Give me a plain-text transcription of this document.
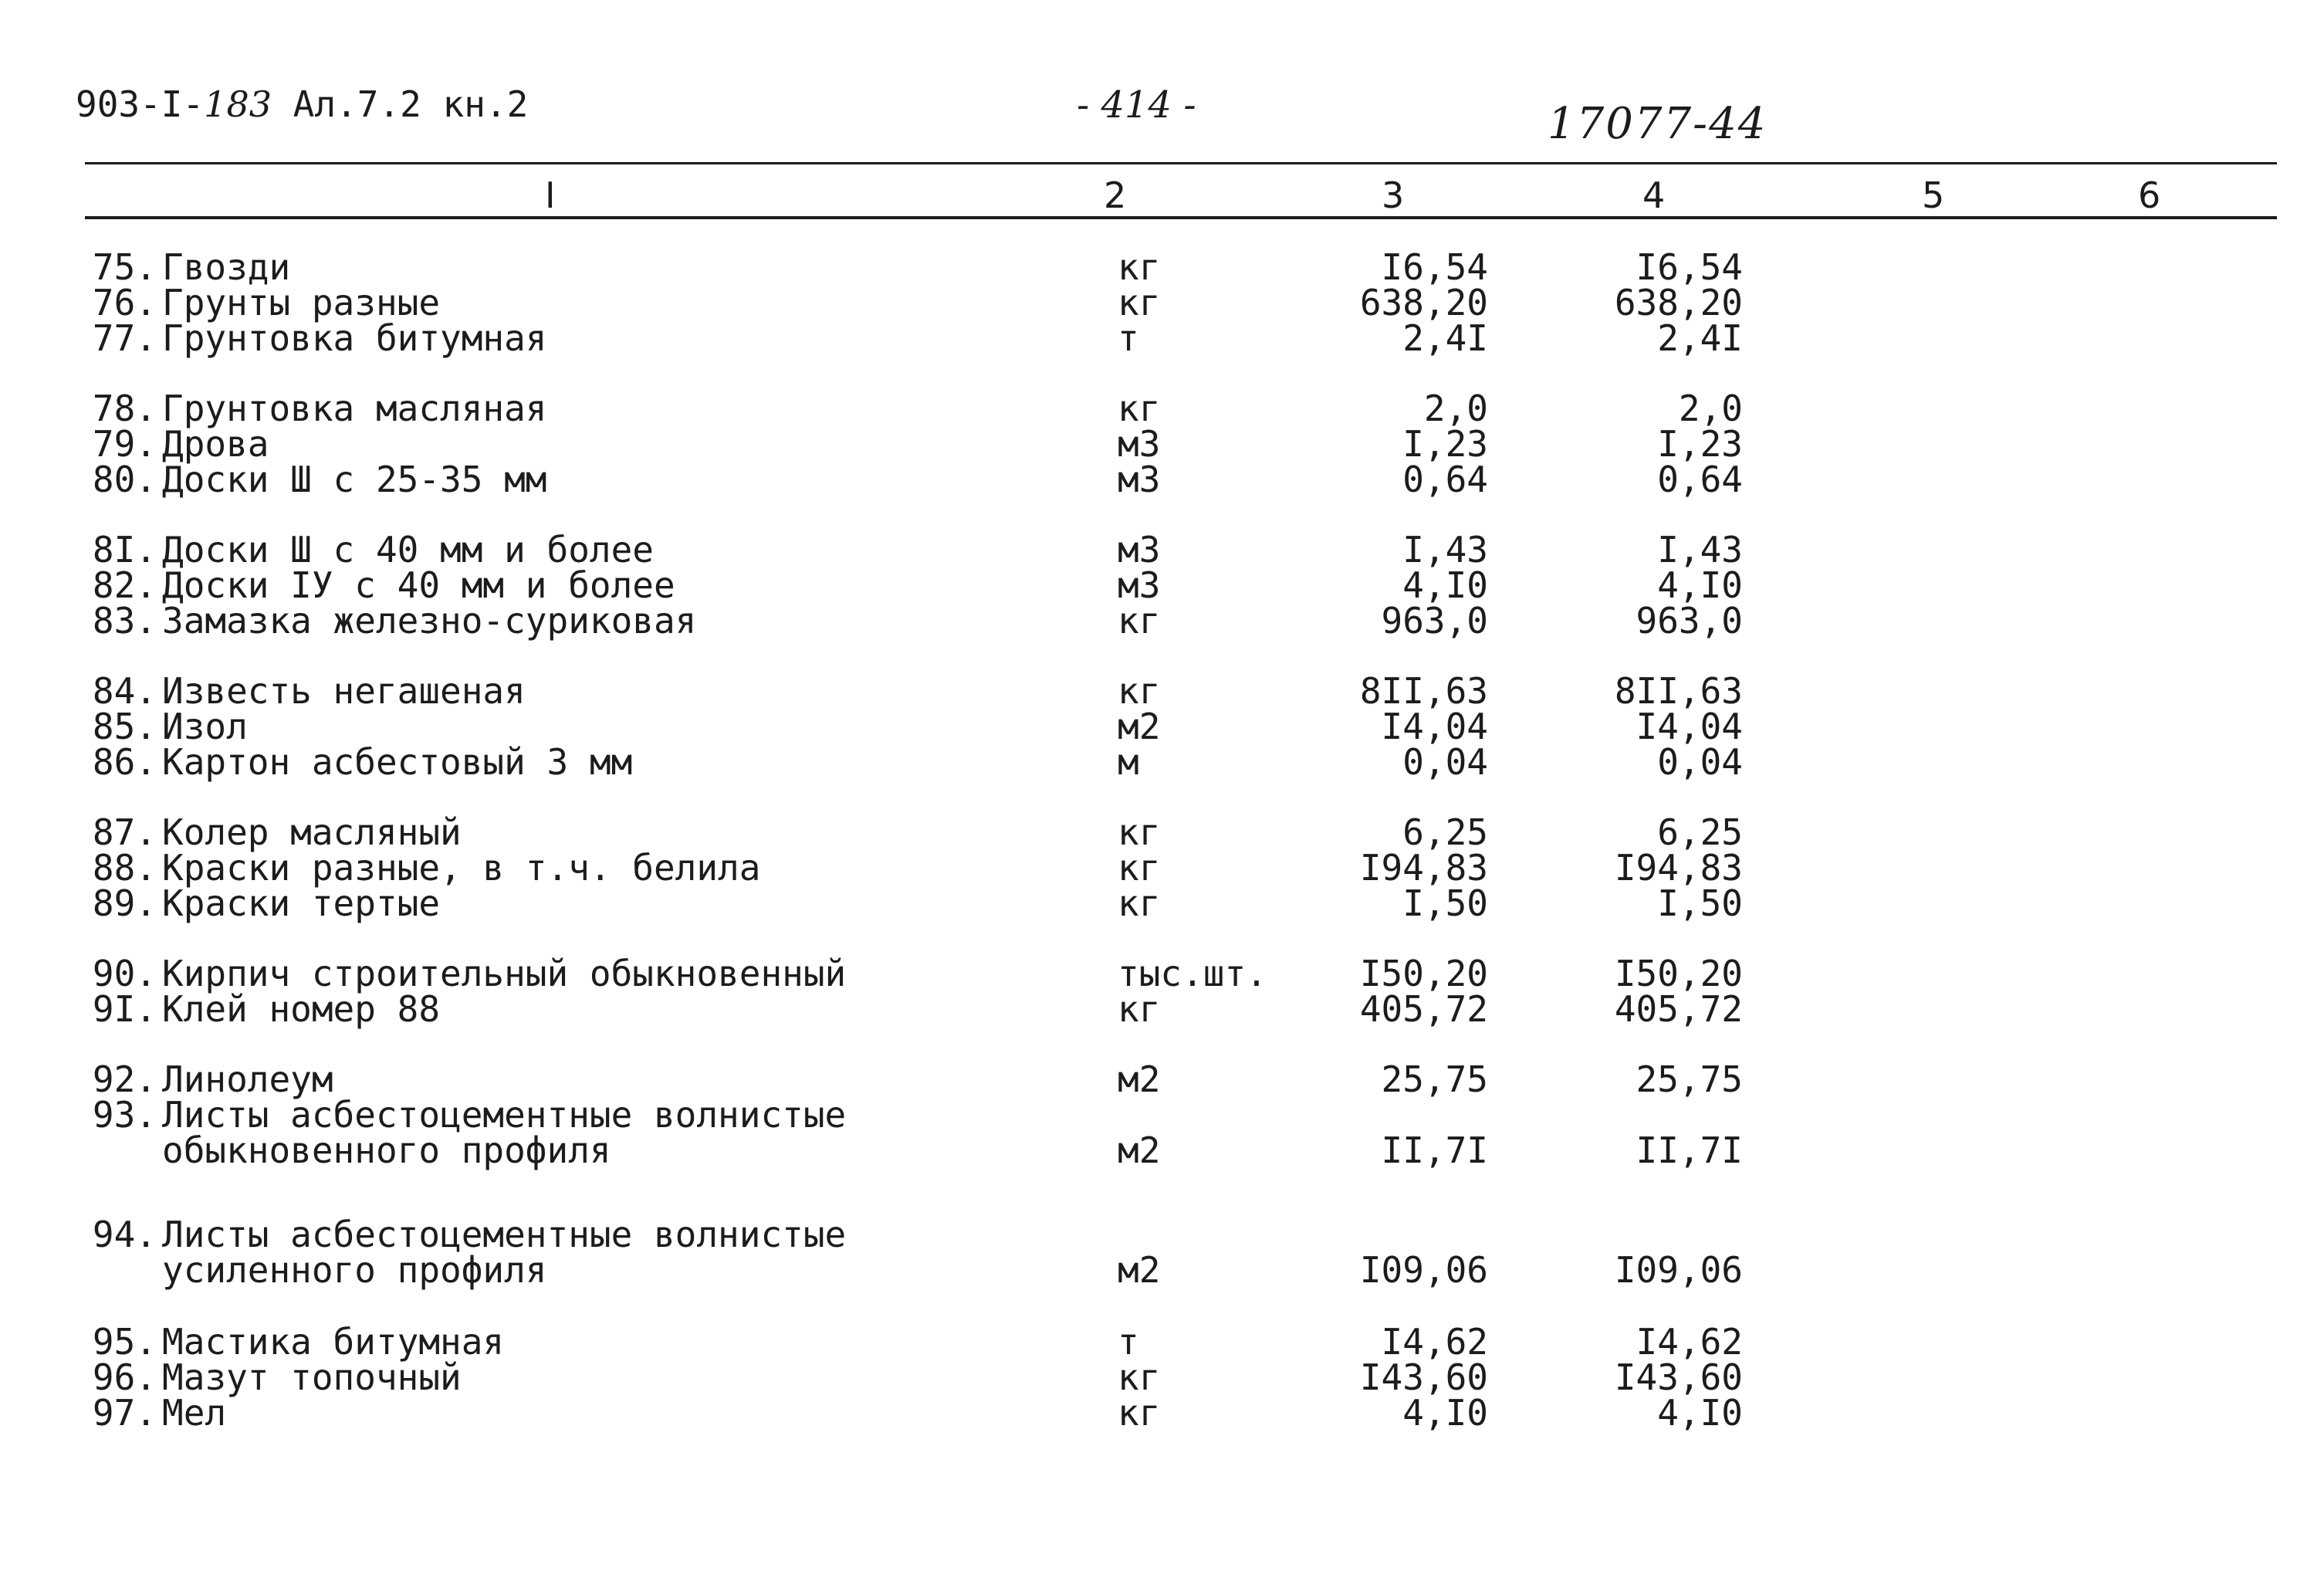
903-I-183 Ал.7.2 кн.2	- 414 -	17077-44
I	2	3	4	5	6
75. Гвозди	кг	I6,54	I6,54
76. Грунты разные	кг	638,20	638,20
77. Грунтовка битумная	т	2,4I	2,4I
78. Грунтовка масляная	кг	2,0	2,0
79. Дрова	м3	I,23	I,23
80. Доски Ш с 25-35 мм	м3	0,64	0,64
8I. Доски Ш с 40 мм и более	м3	I,43	I,43
82. Доски IУ с 40 мм и более	м3	4,I0	4,I0
83. Замазка железно-суриковая	кг	963,0	963,0
84. Известь негашеная	кг	8II,63	8II,63
85. Изол	м2	I4,04	I4,04
86. Картон асбестовый 3 мм	м	0,04	0,04
87. Колер масляный	кг	6,25	6,25
88. Краски разные, в т.ч. белила	кг	I94,83	I94,83
89. Краски тертые	кг	I,50	I,50
90. Кирпич строительный обыкновенный	тыс.шт.	I50,20	I50,20
9I. Клей номер 88	кг	405,72	405,72
92. Линолеум	м2	25,75	25,75
93. Листы асбестоцементные волнистые
обыкновенного профиля	м2	II,7I	II,7I
94. Листы асбестоцементные волнистые
усиленного профиля	м2	I09,06	I09,06
95. Мастика битумная	т	I4,62	I4,62
96. Мазут топочный	кг	I43,60	I43,60
97. Мел	кг	4,I0	4,I0
